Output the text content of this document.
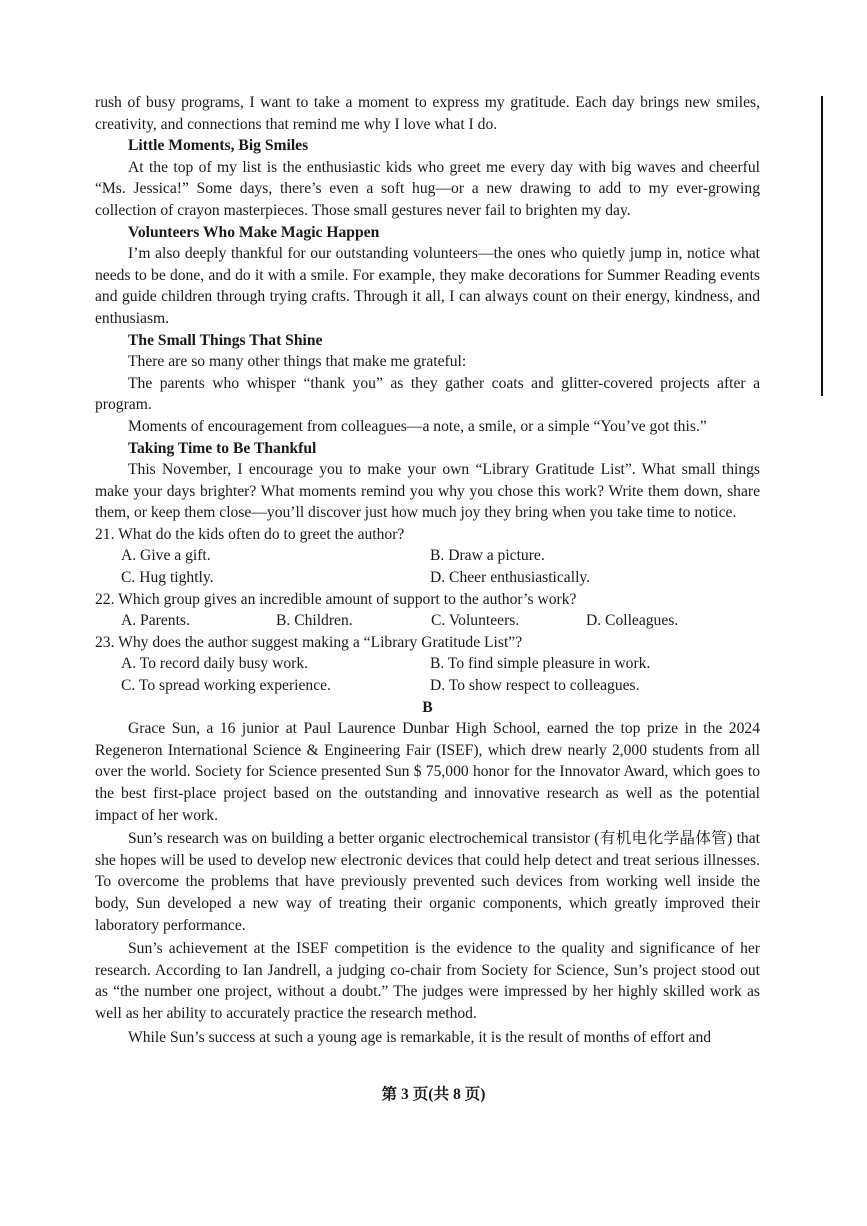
rush of busy programs, I want to take a moment to express my gratitude. Each day brings new smiles, creativity, and connections that remind me why I love what I do.

Little Moments, Big Smiles

At the top of my list is the enthusiastic kids who greet me every day with big waves and cheerful “Ms. Jessica!” Some days, there’s even a soft hug—or a new drawing to add to my ever-growing collection of crayon masterpieces. Those small gestures never fail to brighten my day.

Volunteers Who Make Magic Happen

I’m also deeply thankful for our outstanding volunteers—the ones who quietly jump in, notice what needs to be done, and do it with a smile. For example, they make decorations for Summer Reading events and guide children through trying crafts. Through it all, I can always count on their energy, kindness, and enthusiasm.

The Small Things That Shine

There are so many other things that make me grateful:

The parents who whisper “thank you” as they gather coats and glitter-covered projects after a program.

Moments of encouragement from colleagues—a note, a smile, or a simple “You’ve got this.”

Taking Time to Be Thankful

This November, I encourage you to make your own “Library Gratitude List”. What small things make your days brighter? What moments remind you why you chose this work? Write them down, share them, or keep them close—you’ll discover just how much joy they bring when you take time to notice.

21. What do the kids often do to greet the author?

A. Give a gift.	B. Draw a picture.
C. Hug tightly.	D. Cheer enthusiastically.

22. Which group gives an incredible amount of support to the author’s work?

A. Parents.	B. Children.	C. Volunteers.	D. Colleagues.

23. Why does the author suggest making a “Library Gratitude List”?

A. To record daily busy work.	B. To find simple pleasure in work.
C. To spread working experience.	D. To show respect to colleagues.

B

Grace Sun, a 16 junior at Paul Laurence Dunbar High School, earned the top prize in the 2024 Regeneron International Science & Engineering Fair (ISEF), which drew nearly 2,000 students from all over the world. Society for Science presented Sun $ 75,000 honor for the Innovator Award, which goes to the best first-place project based on the outstanding and innovative research as well as the potential impact of her work.

Sun’s research was on building a better organic electrochemical transistor (有机电化学晶体管) that she hopes will be used to develop new electronic devices that could help detect and treat serious illnesses. To overcome the problems that have previously prevented such devices from working well inside the body, Sun developed a new way of treating their organic components, which greatly improved their laboratory performance.

Sun’s achievement at the ISEF competition is the evidence to the quality and significance of her research. According to Ian Jandrell, a judging co-chair from Society for Science, Sun’s project stood out as “the number one project, without a doubt.” The judges were impressed by her highly skilled work as well as her ability to accurately practice the research method.

While Sun’s success at such a young age is remarkable, it is the result of months of effort and

第 3 页(共 8 页)
